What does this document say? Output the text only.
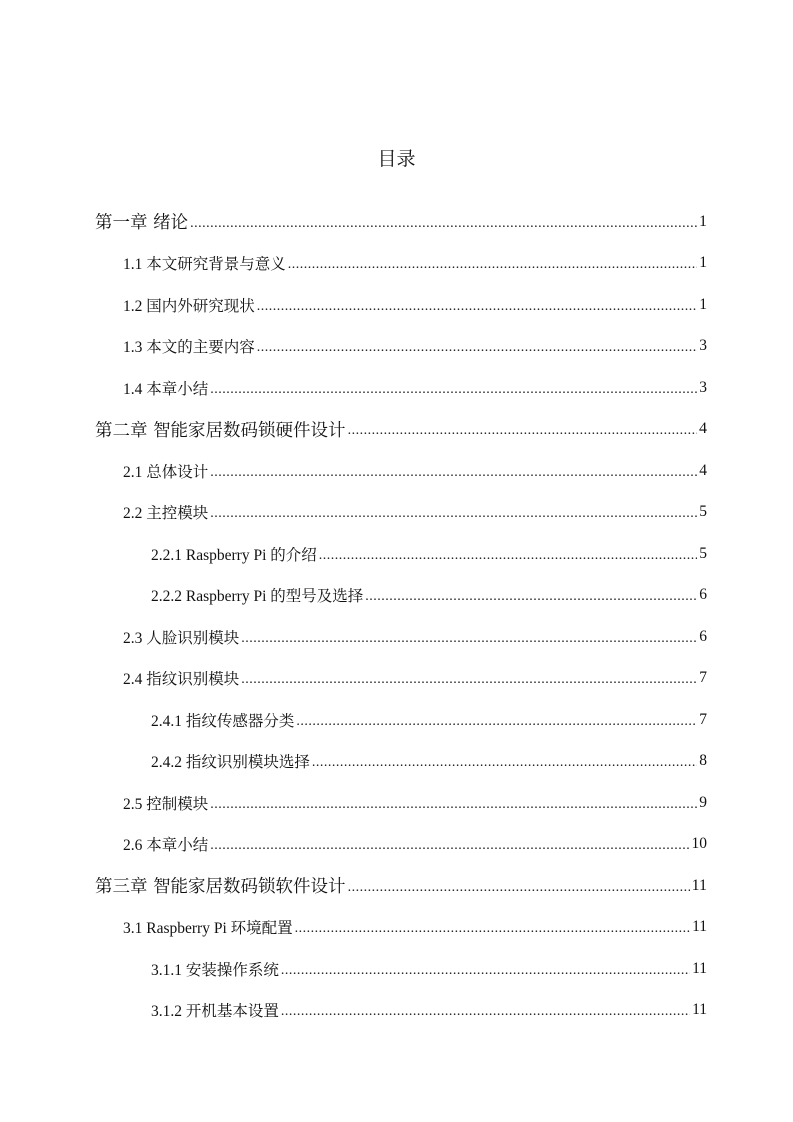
目录
第一章 绪论 .....	1
1.1 本文研究背景与意义 .....	1
1.2 国内外研究现状 .....	1
1.3 本文的主要内容 .....	3
1.4 本章小结 .....	3
第二章 智能家居数码锁硬件设计 .....	4
2.1 总体设计 .....	4
2.2 主控模块 .....	5
2.2.1 Raspberry Pi 的介绍 .....	5
2.2.2 Raspberry Pi 的型号及选择 .....	6
2.3 人脸识别模块 .....	6
2.4 指纹识别模块 .....	7
2.4.1 指纹传感器分类 .....	7
2.4.2 指纹识别模块选择 .....	8
2.5 控制模块 .....	9
2.6 本章小结 .....	10
第三章 智能家居数码锁软件设计 .....	11
3.1 Raspberry Pi 环境配置 .....	11
3.1.1 安装操作系统 .....	11
3.1.2 开机基本设置 .....	11
